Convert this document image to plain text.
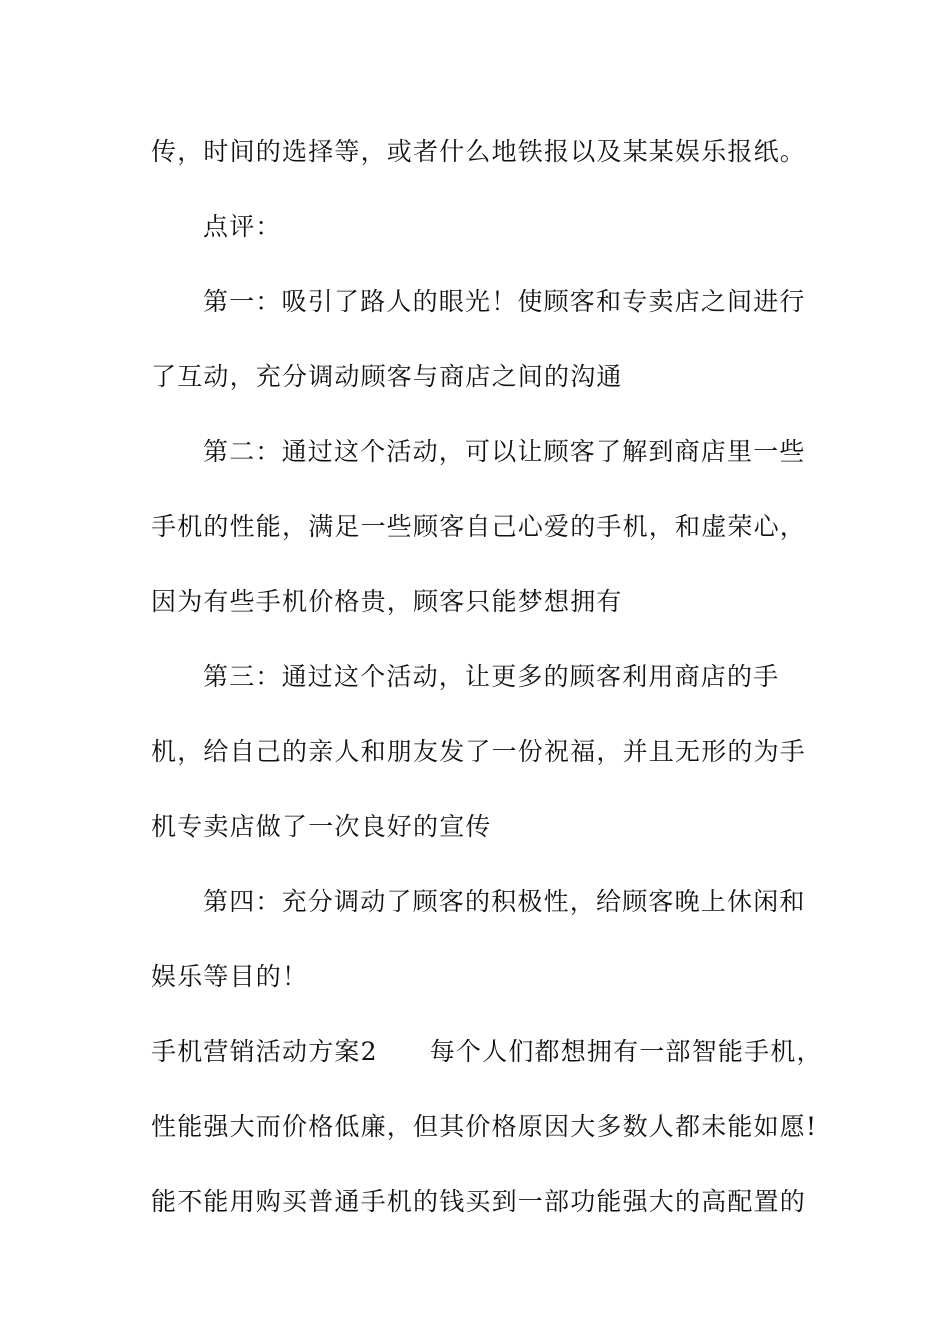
传，时间的选择等，或者什么地铁报以及某某娱乐报纸。
点评：
第一：吸引了路人的眼光！使顾客和专卖店之间进行
了互动，充分调动顾客与商店之间的沟通
第二：通过这个活动，可以让顾客了解到商店里一些
手机的性能，满足一些顾客自己心爱的手机，和虚荣心，
因为有些手机价格贵，顾客只能梦想拥有
第三：通过这个活动，让更多的顾客利用商店的手
机，给自己的亲人和朋友发了一份祝福，并且无形的为手
机专卖店做了一次良好的宣传
第四：充分调动了顾客的积极性，给顾客晚上休闲和
娱乐等目的！
手机营销活动方案2 每个人们都想拥有一部智能手机，
性能强大而价格低廉，但其价格原因大多数人都未能如愿!
能不能用购买普通手机的钱买到一部功能强大的高配置的
